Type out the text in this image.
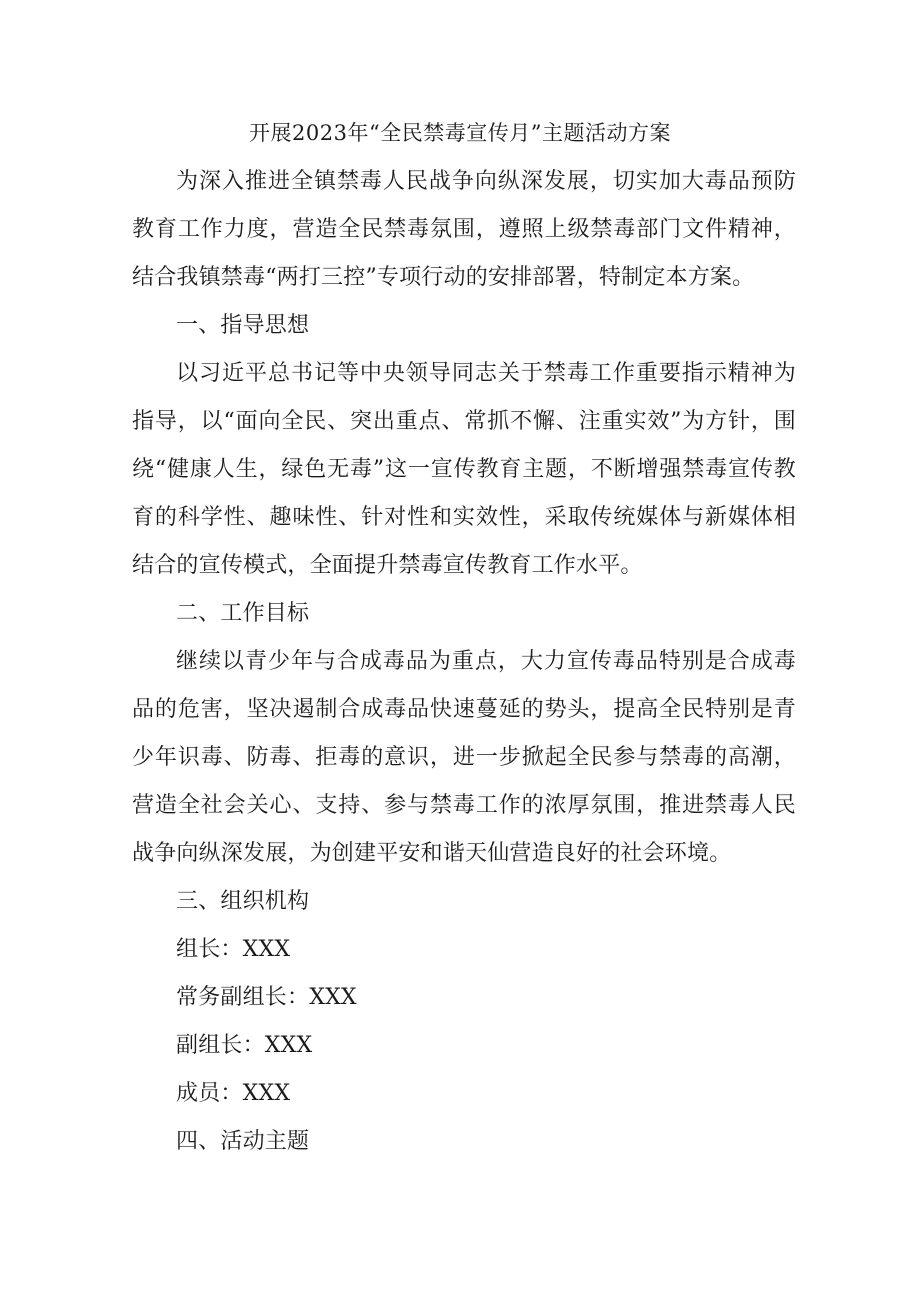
开展2023年“全民禁毒宣传月”主题活动方案

为深入推进全镇禁毒人民战争向纵深发展，切实加大毒品预防教育工作力度，营造全民禁毒氛围，遵照上级禁毒部门文件精神，结合我镇禁毒“两打三控”专项行动的安排部署，特制定本方案。

一、指导思想

以习近平总书记等中央领导同志关于禁毒工作重要指示精神为指导，以“面向全民、突出重点、常抓不懈、注重实效”为方针，围绕“健康人生，绿色无毒”这一宣传教育主题，不断增强禁毒宣传教育的科学性、趣味性、针对性和实效性，采取传统媒体与新媒体相结合的宣传模式，全面提升禁毒宣传教育工作水平。

二、工作目标

继续以青少年与合成毒品为重点，大力宣传毒品特别是合成毒品的危害，坚决遏制合成毒品快速蔓延的势头，提高全民特别是青少年识毒、防毒、拒毒的意识，进一步掀起全民参与禁毒的高潮，营造全社会关心、支持、参与禁毒工作的浓厚氛围，推进禁毒人民战争向纵深发展，为创建平安和谐天仙营造良好的社会环境。

三、组织机构

组长：XXX

常务副组长：XXX

副组长：XXX

成员：XXX

四、活动主题
